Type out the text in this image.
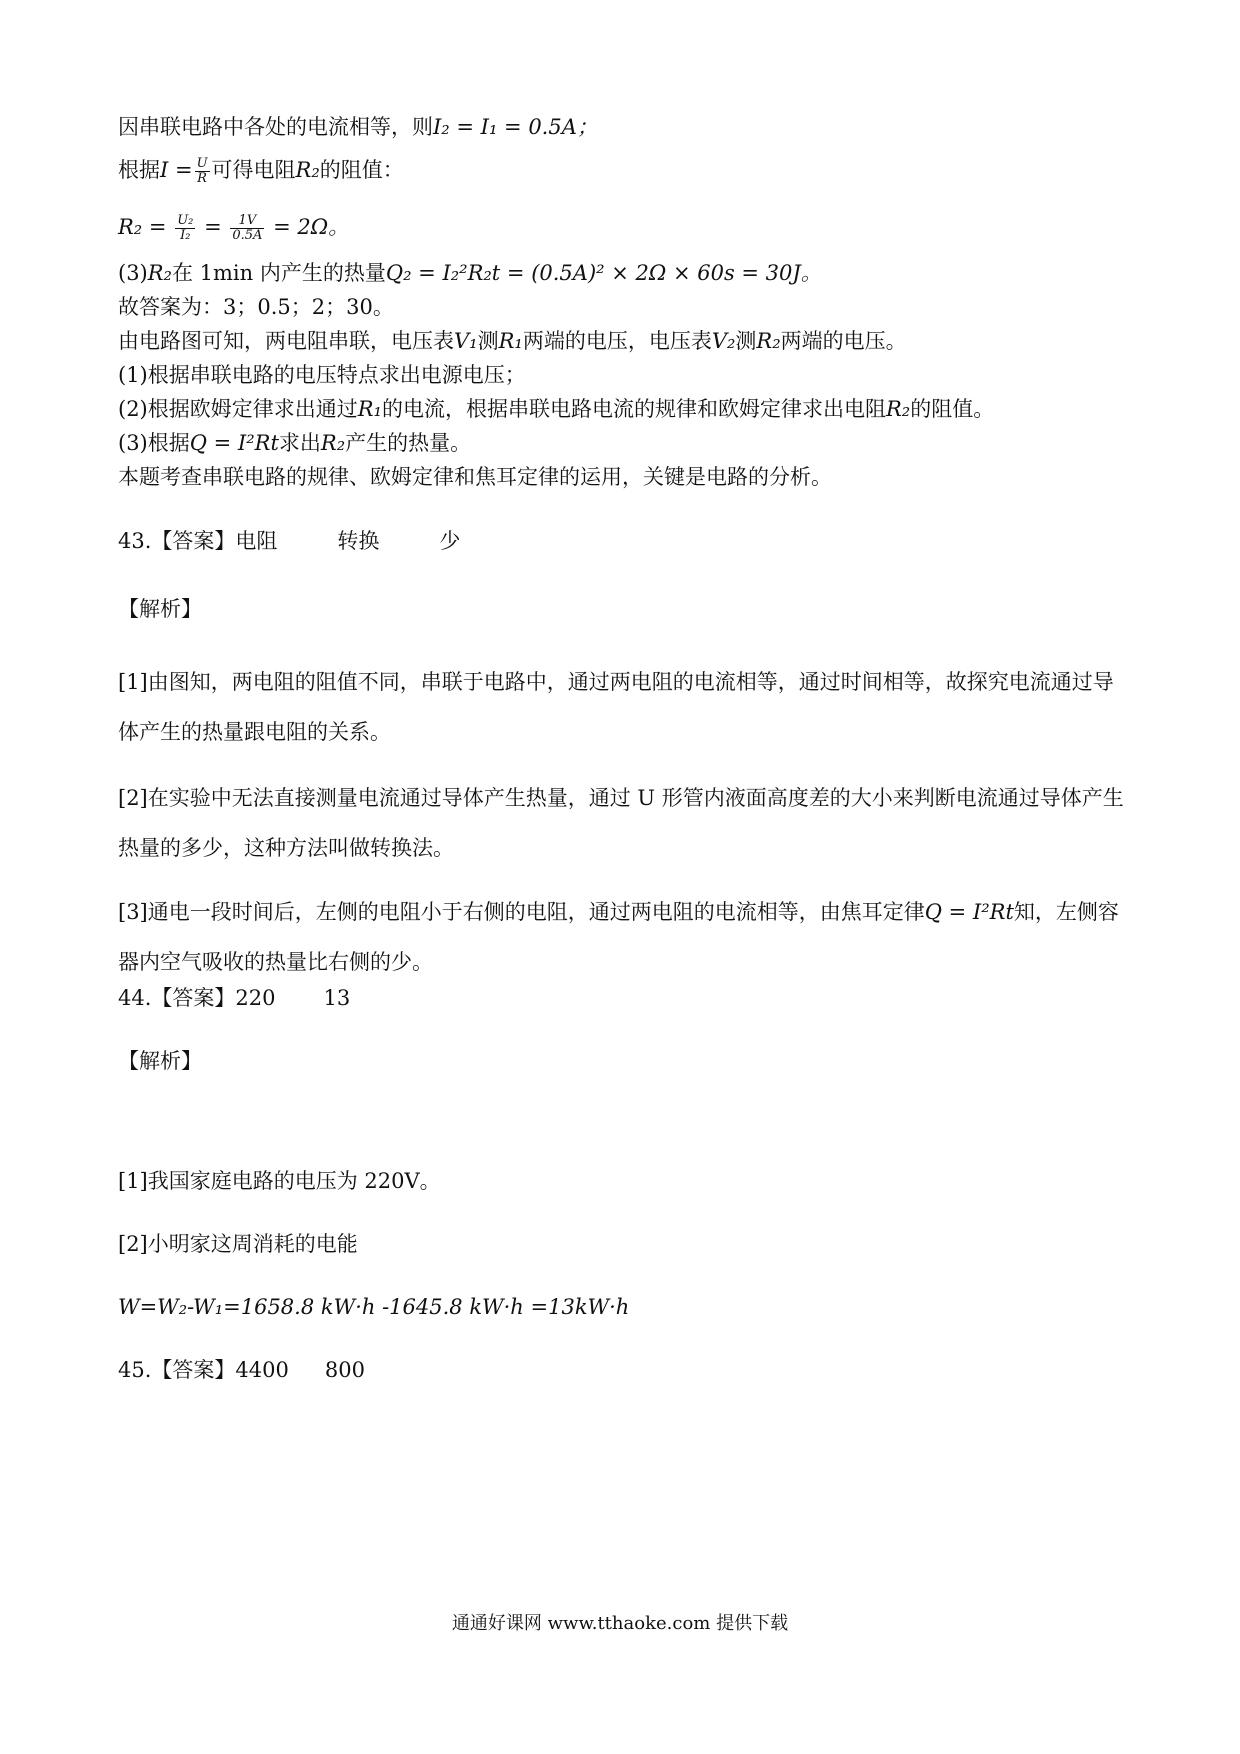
因串联电路中各处的电流相等，则I₂ = I₁ = 0.5A；
根据$I = \frac{U}{R}$ 可得电阻R₂的阻值：
$R_2 = \frac{\text{U₂}}{\text{I₂}} = \frac{1V}{0.5A} = 2\Omega$。
(3)R₂在 1min 内产生的热量Q₂ = I₂²R₂t = (0.5A)² × 2Ω × 60s = 30J。
故答案为：3；0.5；2；30。
由电路图可知，两电阻串联，电压表V₁测R₁两端的电压，电压表V₂测R₂两端的电压。
(1)根据串联电路的电压特点求出电源电压；
(2)根据欧姆定律求出通过R₁的电流，根据串联电路电流的规律和欧姆定律求出电阻R₂的阻值。
(3)根据Q = I²Rt求出R₂产生的热量。
本题考查串联电路的规律、欧姆定律和焦耳定律的运用，关键是电路的分析。
43.【答案】电阻	转换	少
【解析】
[1]由图知，两电阻的阻值不同，串联于电路中，通过两电阻的电流相等，通过时间相等，故探究电流通过导体产生的热量跟电阻的关系。
[2]在实验中无法直接测量电流通过导体产生热量，通过 U 形管内液面高度差的大小来判断电流通过导体产生热量的多少，这种方法叫做转换法。
[3]通电一段时间后，左侧的电阻小于右侧的电阻，通过两电阻的电流相等，由焦耳定律Q = I²Rt知，左侧容器内空气吸收的热量比右侧的少。
44.【答案】220 13
【解析】
[1]我国家庭电路的电压为 220V。
[2]小明家这周消耗的电能
W=W₂-W₁=1658.8 kW·h -1645.8 kW·h =13kW·h
45.【答案】4400 800
通通好课网 www.tthaoke.com 提供下载
